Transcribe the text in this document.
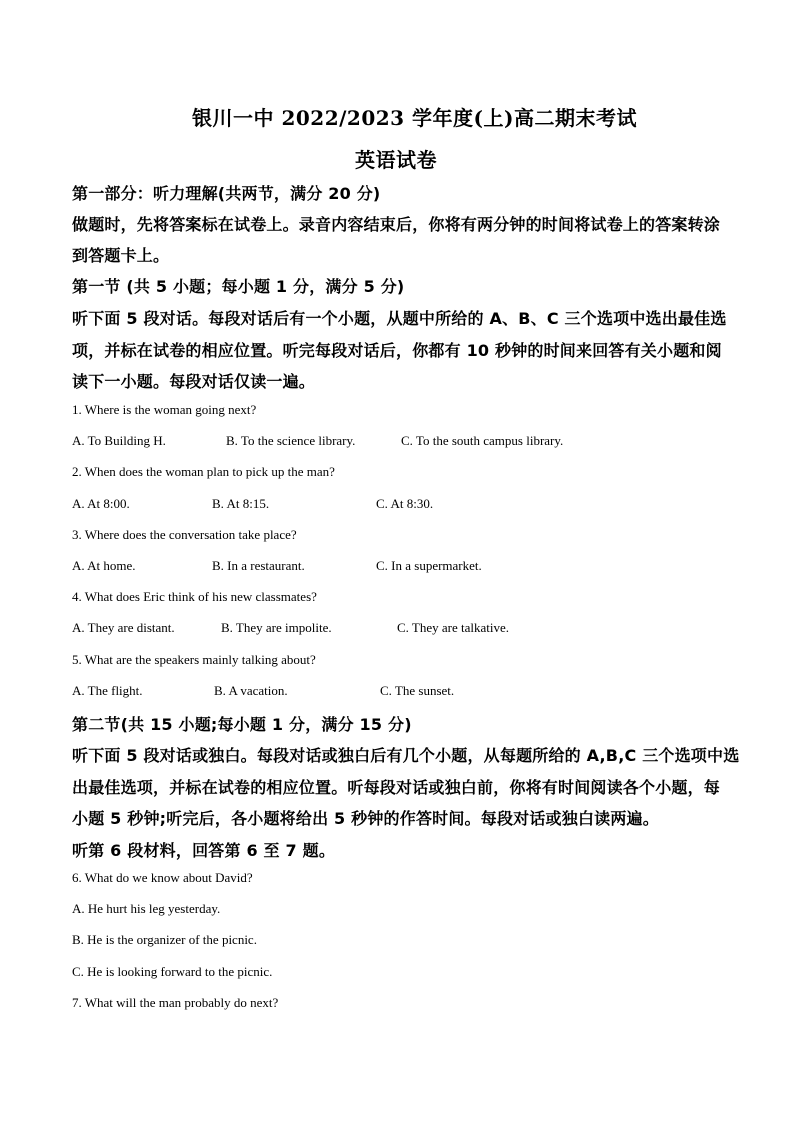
银川一中 2022/2023 学年度(上)高二期末考试
英语试卷
第一部分：听力理解(共两节，满分 20 分)
做题时，先将答案标在试卷上。录音内容结束后，你将有两分钟的时间将试卷上的答案转涂
到答题卡上。
第一节 (共 5 小题；每小题 1 分，满分 5 分)
听下面 5 段对话。每段对话后有一个小题，从题中所给的 A、B、C 三个选项中选出最佳选
项，并标在试卷的相应位置。听完每段对话后，你都有 10 秒钟的时间来回答有关小题和阅
读下一小题。每段对话仅读一遍。
1. Where is the woman going next?
A. To Building H.	B. To the science library.	C. To the south campus library.
2. When does the woman plan to pick up the man?
A. At 8:00.	B. At 8:15.	C. At 8:30.
3. Where does the conversation take place?
A. At home.	B. In a restaurant.	C. In a supermarket.
4. What does Eric think of his new classmates?
A. They are distant.	B. They are impolite.	C. They are talkative.
5. What are the speakers mainly talking about?
A. The flight.	B. A vacation.	C. The sunset.
第二节(共 15 小题;每小题 1 分，满分 15 分)
听下面 5 段对话或独白。每段对话或独白后有几个小题，从每题所给的 A,B,C 三个选项中选
出最佳选项，并标在试卷的相应位置。听每段对话或独白前，你将有时间阅读各个小题，每
小题 5 秒钟;听完后，各小题将给出 5 秒钟的作答时间。每段对话或独白读两遍。
听第 6 段材料，回答第 6 至 7 题。
6. What do we know about David?
A. He hurt his leg yesterday.
B. He is the organizer of the picnic.
C. He is looking forward to the picnic.
7. What will the man probably do next?
